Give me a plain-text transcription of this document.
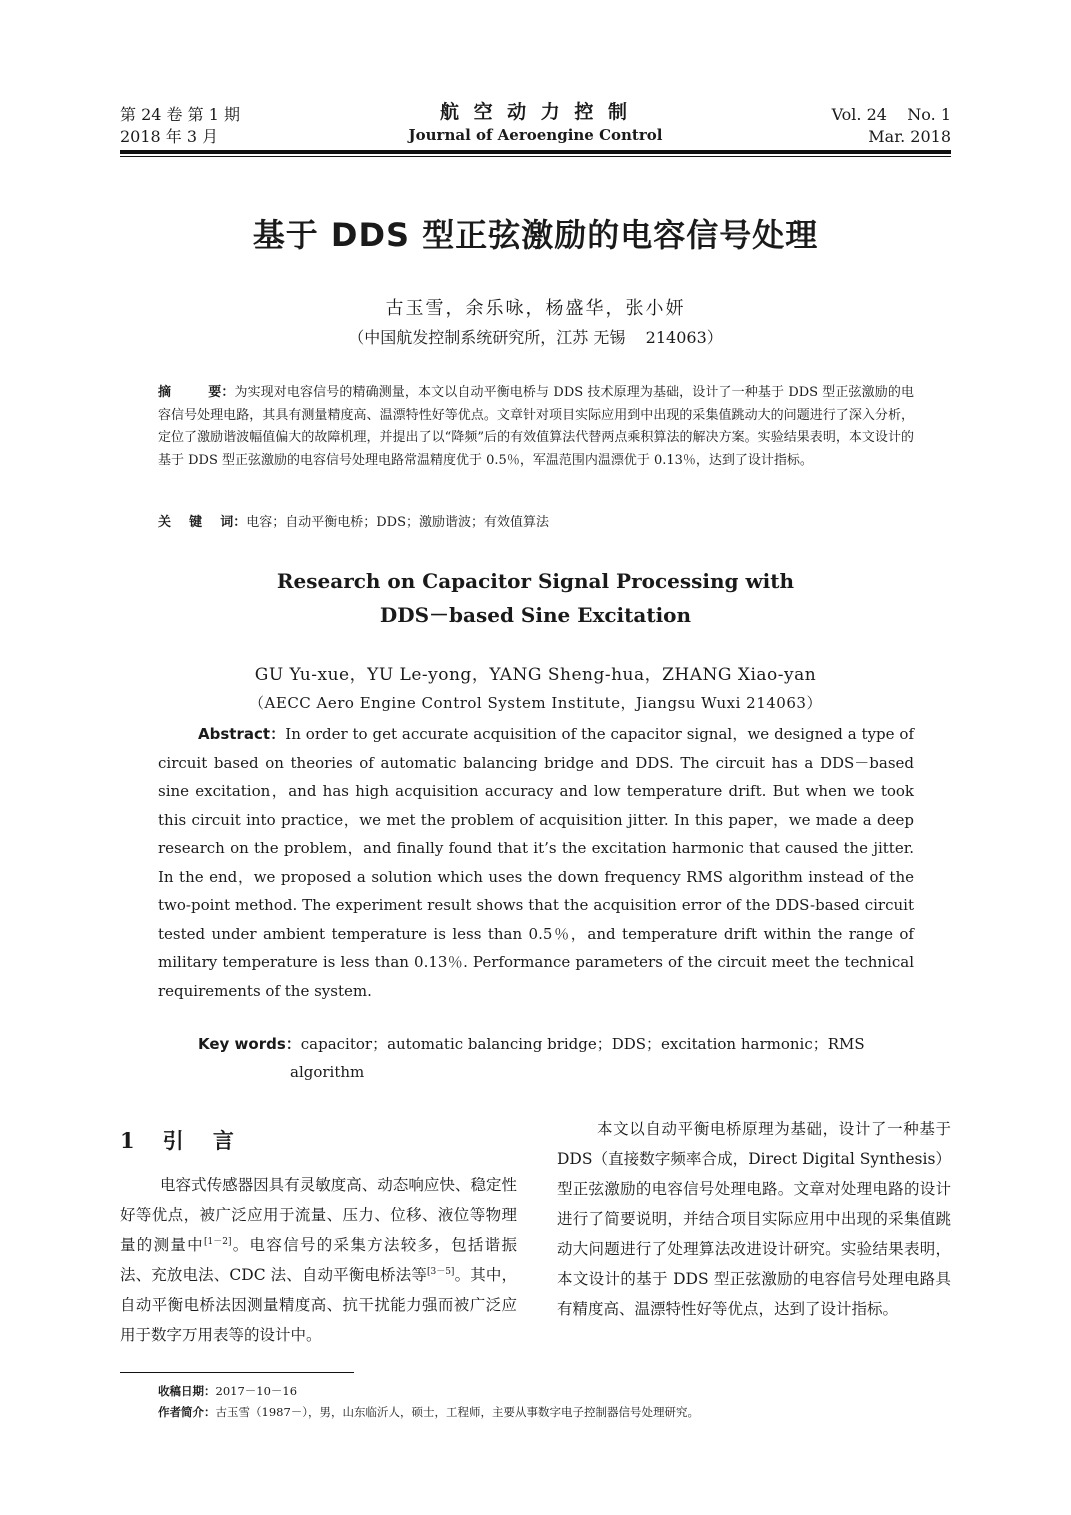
第 24 卷 第 1 期
2018 年 3 月
航 空 动 力 控 制
Journal of Aeroengine Control
Vol. 24    No. 1
Mar. 2018
基于 DDS 型正弦激励的电容信号处理
古玉雪，余乐咏，杨盛华，张小妍
（中国航发控制系统研究所，江苏 无锡    214063）
摘        要：为实现对电容信号的精确测量，本文以自动平衡电桥与 DDS 技术原理为基础，设计了一种基于 DDS 型正弦激励的电容信号处理电路，其具有测量精度高、温漂特性好等优点。文章针对项目实际应用到中出现的采集值跳动大的问题进行了深入分析，定位了激励谐波幅值偏大的故障机理，并提出了以“降频”后的有效值算法代替两点乘积算法的解决方案。实验结果表明，本文设计的基于 DDS 型正弦激励的电容信号处理电路常温精度优于 0.5％，军温范围内温漂优于 0.13％，达到了设计指标。
关    键    词：电容；自动平衡电桥；DDS；激励谐波；有效值算法
Research on Capacitor Signal Processing with
DDS－based Sine Excitation
GU Yu-xue，YU Le-yong，YANG Sheng-hua，ZHANG Xiao-yan
（AECC Aero Engine Control System Institute，Jiangsu Wuxi 214063）
Abstract：In order to get accurate acquisition of the capacitor signal，we designed a type of circuit based on theories of automatic balancing bridge and DDS. The circuit has a DDS－based sine excitation，and has high acquisition accuracy and low temperature drift. But when we took this circuit into practice，we met the problem of acquisition jitter. In this paper，we made a deep research on the problem，and finally found that it’s the excitation harmonic that caused the jitter. In the end，we proposed a solution which uses the down frequency RMS algorithm instead of the two-point method. The experiment result shows that the acquisition error of the DDS-based circuit tested under ambient temperature is less than 0.5％，and temperature drift within the range of military temperature is less than 0.13％. Performance parameters of the circuit meet the technical requirements of the system.
Key words：capacitor；automatic balancing bridge；DDS；excitation harmonic；RMS algorithm
1 引    言
电容式传感器因具有灵敏度高、动态响应快、稳定性好等优点，被广泛应用于流量、压力、位移、液位等物理量的测量中[1－2]。电容信号的采集方法较多，包括谐振法、充放电法、CDC 法、自动平衡电桥法等[3－5]。其中，自动平衡电桥法因测量精度高、抗干扰能力强而被广泛应用于数字万用表等的设计中。
本文以自动平衡电桥原理为基础，设计了一种基于 DDS（直接数字频率合成，Direct Digital Synthesis）型正弦激励的电容信号处理电路。文章对处理电路的设计进行了简要说明，并结合项目实际应用中出现的采集值跳动大问题进行了处理算法改进设计研究。实验结果表明，本文设计的基于 DDS 型正弦激励的电容信号处理电路具有精度高、温漂特性好等优点，达到了设计指标。
收稿日期：2017－10－16
作者简介：古玉雪（1987－），男，山东临沂人，硕士，工程师，主要从事数字电子控制器信号处理研究。
